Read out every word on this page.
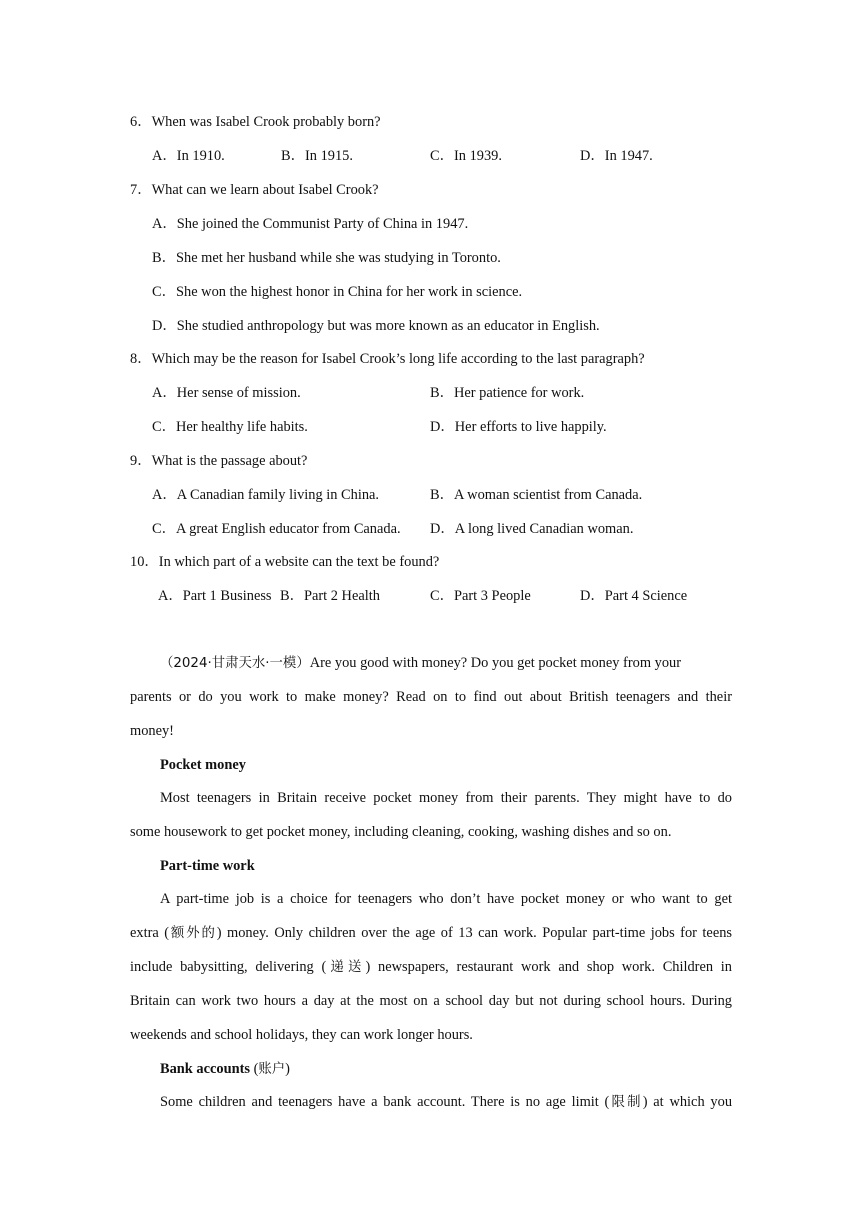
6．When was Isabel Crook probably born?
A．In 1910.	B．In 1915.	C．In 1939.	D．In 1947.
7．What can we learn about Isabel Crook?
A．She joined the Communist Party of China in 1947.
B．She met her husband while she was studying in Toronto.
C．She won the highest honor in China for her work in science.
D．She studied anthropology but was more known as an educator in English.
8．Which may be the reason for Isabel Crook’s long life according to the last paragraph?
A．Her sense of mission.	B．Her patience for work.
C．Her healthy life habits.	D．Her efforts to live happily.
9．What is the passage about?
A．A Canadian family living in China.	B．A woman scientist from Canada.
C．A great English educator from Canada. D．A long lived Canadian woman.
10．In which part of a website can the text be found?
A．Part 1 Business B．Part 2 Health	C．Part 3 People	D．Part 4 Science
（2024·甘肃天水·一模）Are you good with money? Do you get pocket money from your
parents or do you work to make money? Read on to find out about British teenagers and their
money!
Pocket money
Most teenagers in Britain receive pocket money from their parents. They might have to do
some housework to get pocket money, including cleaning, cooking, washing dishes and so on.
Part-time work
A part-time job is a choice for teenagers who don’t have pocket money or who want to get
extra (额外的) money. Only children over the age of 13 can work. Popular part-time jobs for teens
include babysitting, delivering (递送) newspapers, restaurant work and shop work. Children in
Britain can work two hours a day at the most on a school day but not during school hours. During
weekends and school holidays, they can work longer hours.
Bank accounts (账户)
Some children and teenagers have a bank account. There is no age limit (限制) at which you
